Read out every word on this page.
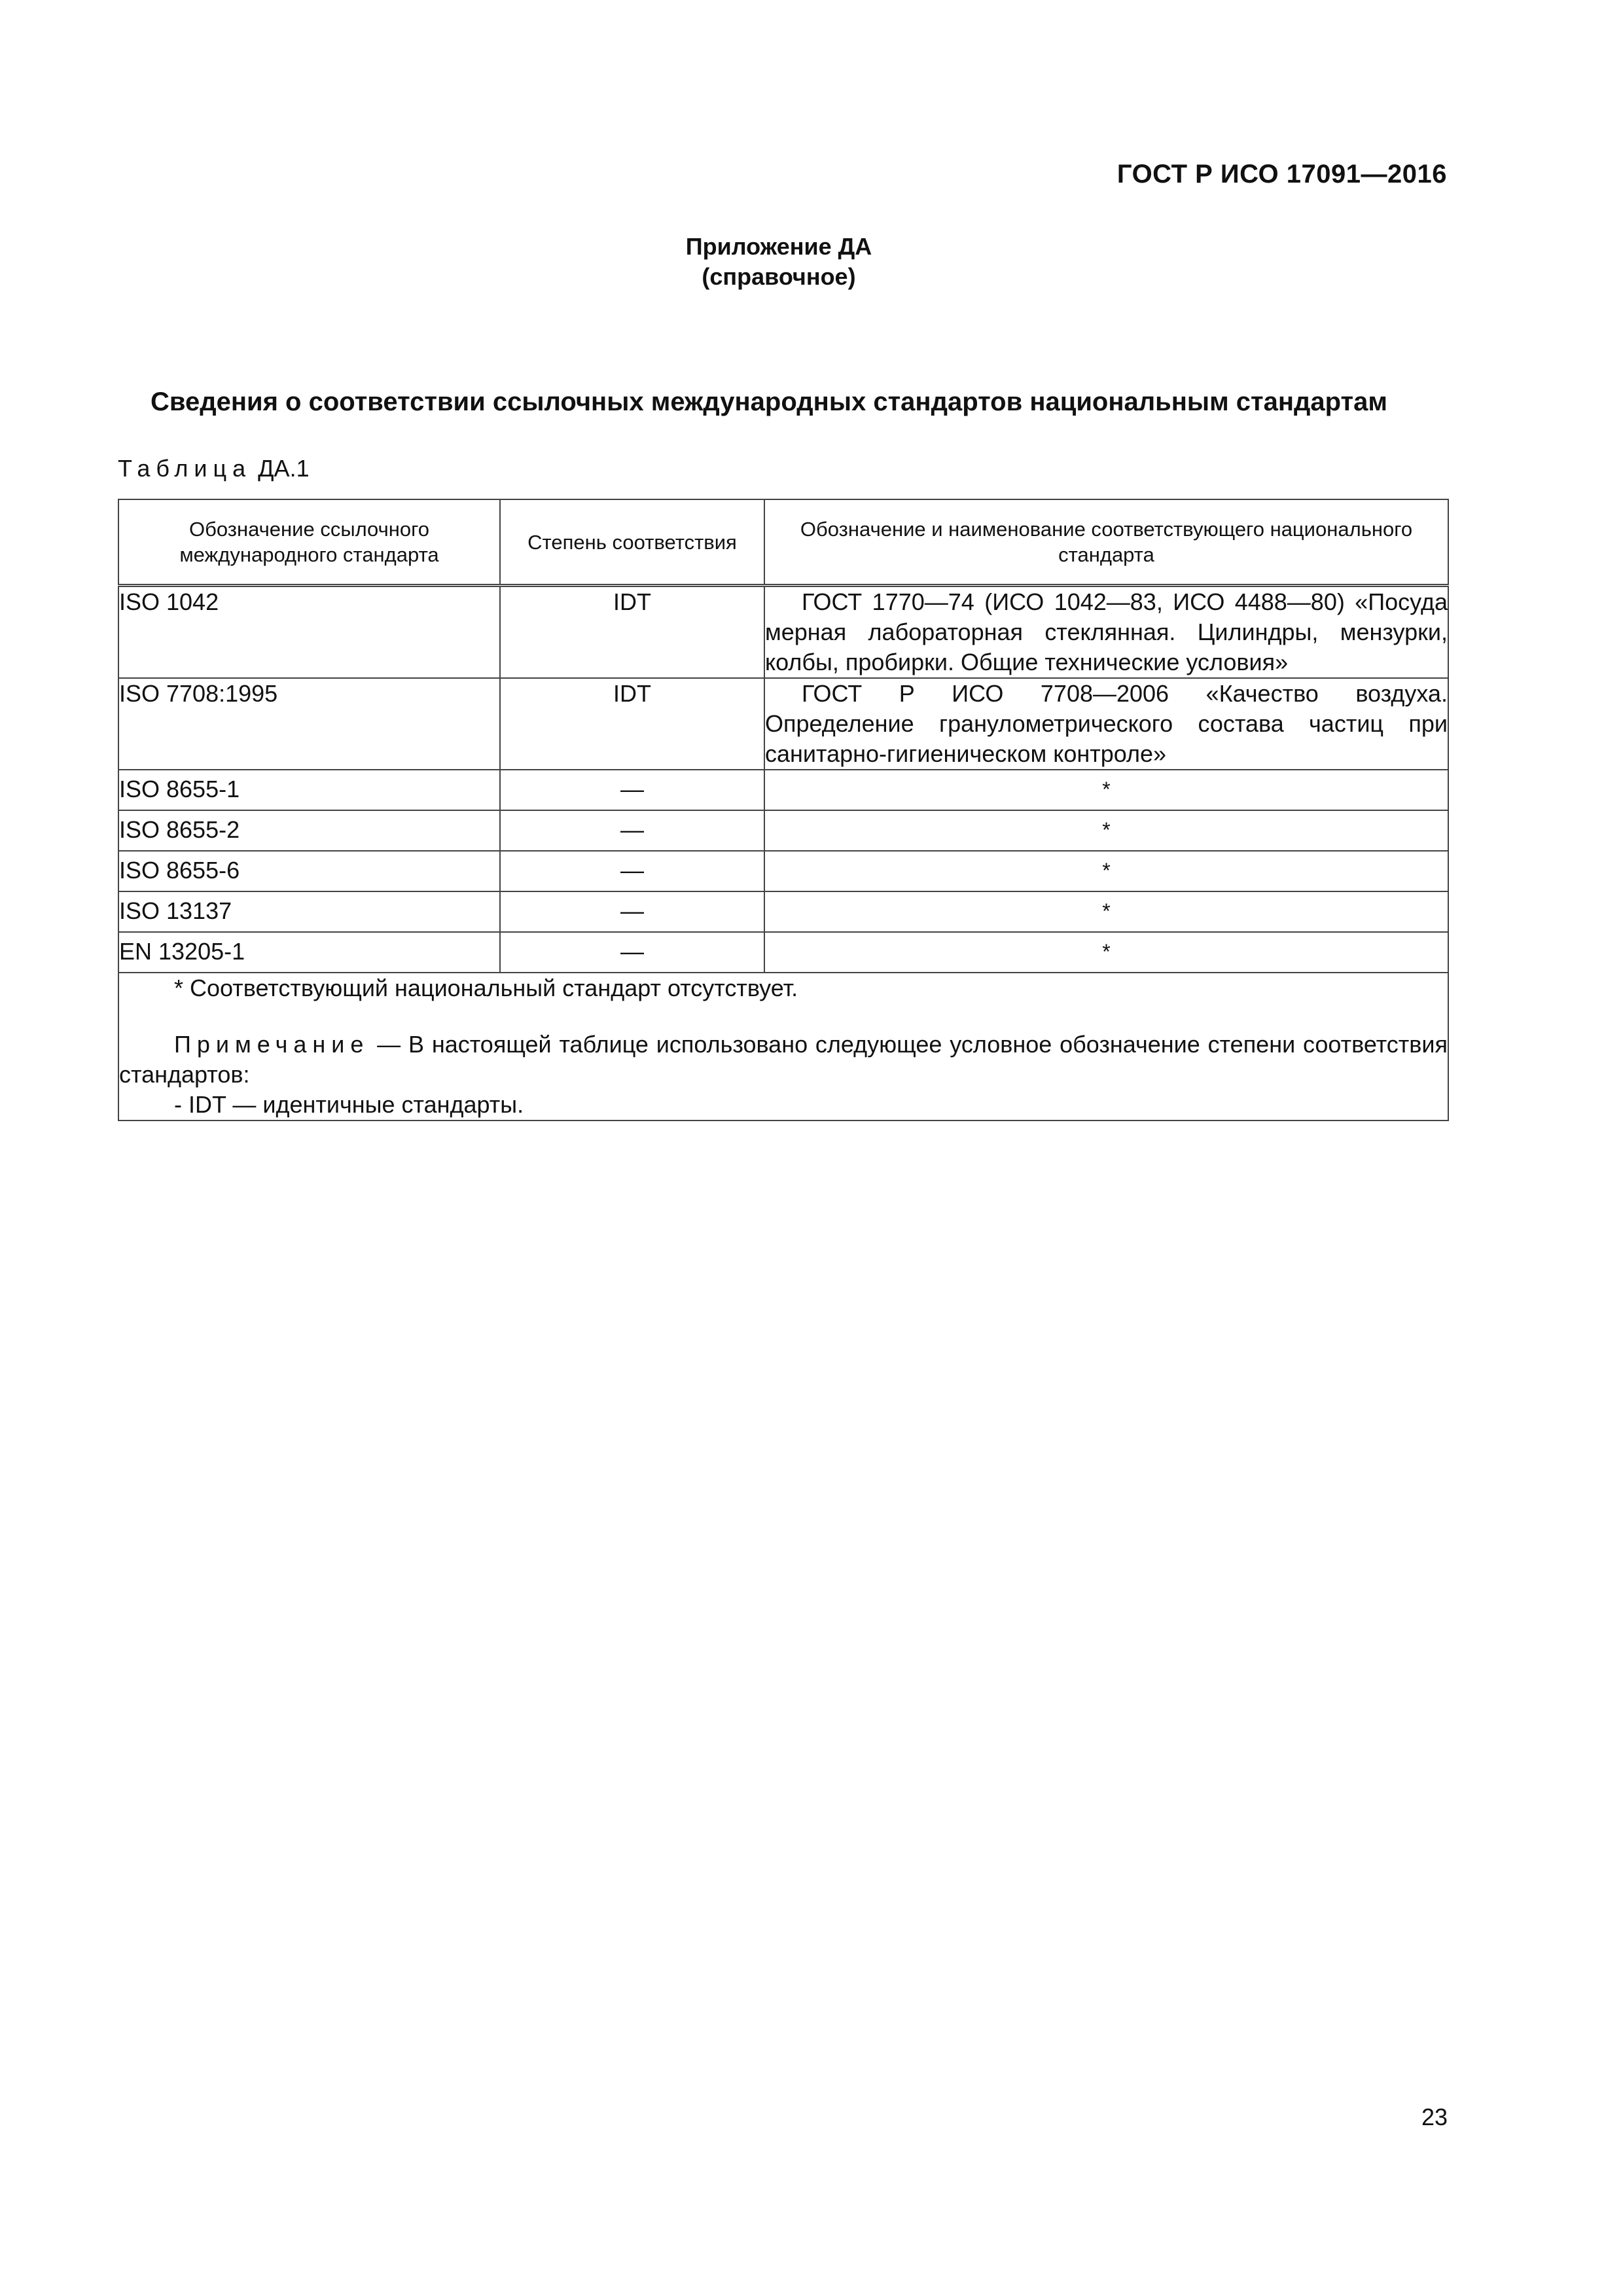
ГОСТ Р ИСО 17091—2016
Приложение ДА
(справочное)
Сведения о соответствии ссылочных международных стандартов национальным стандартам
Таблица ДА.1
Обозначение ссылочного международного стандарта	Степень соответствия	Обозначение и наименование соответствующего национального стандарта
ISO 1042	IDT	ГОСТ 1770—74 (ИСО 1042—83, ИСО 4488—80) «Посуда мерная лабораторная стеклянная. Цилиндры, мензурки, колбы, пробирки. Общие технические условия»
ISO 7708:1995	IDT	ГОСТ Р ИСО 7708—2006 «Качество воздуха. Определение гранулометрического состава частиц при санитарно-гигиеническом контроле»
ISO 8655-1	—	*
ISO 8655-2	—	*
ISO 8655-6	—	*
ISO 13137	—	*
EN 13205-1	—	*

* Соответствующий национальный стандарт отсутствует.
Примечание — В настоящей таблице использовано следующее условное обозначение степени соответствия стандартов:
- IDT — идентичные стандарты.		
23
